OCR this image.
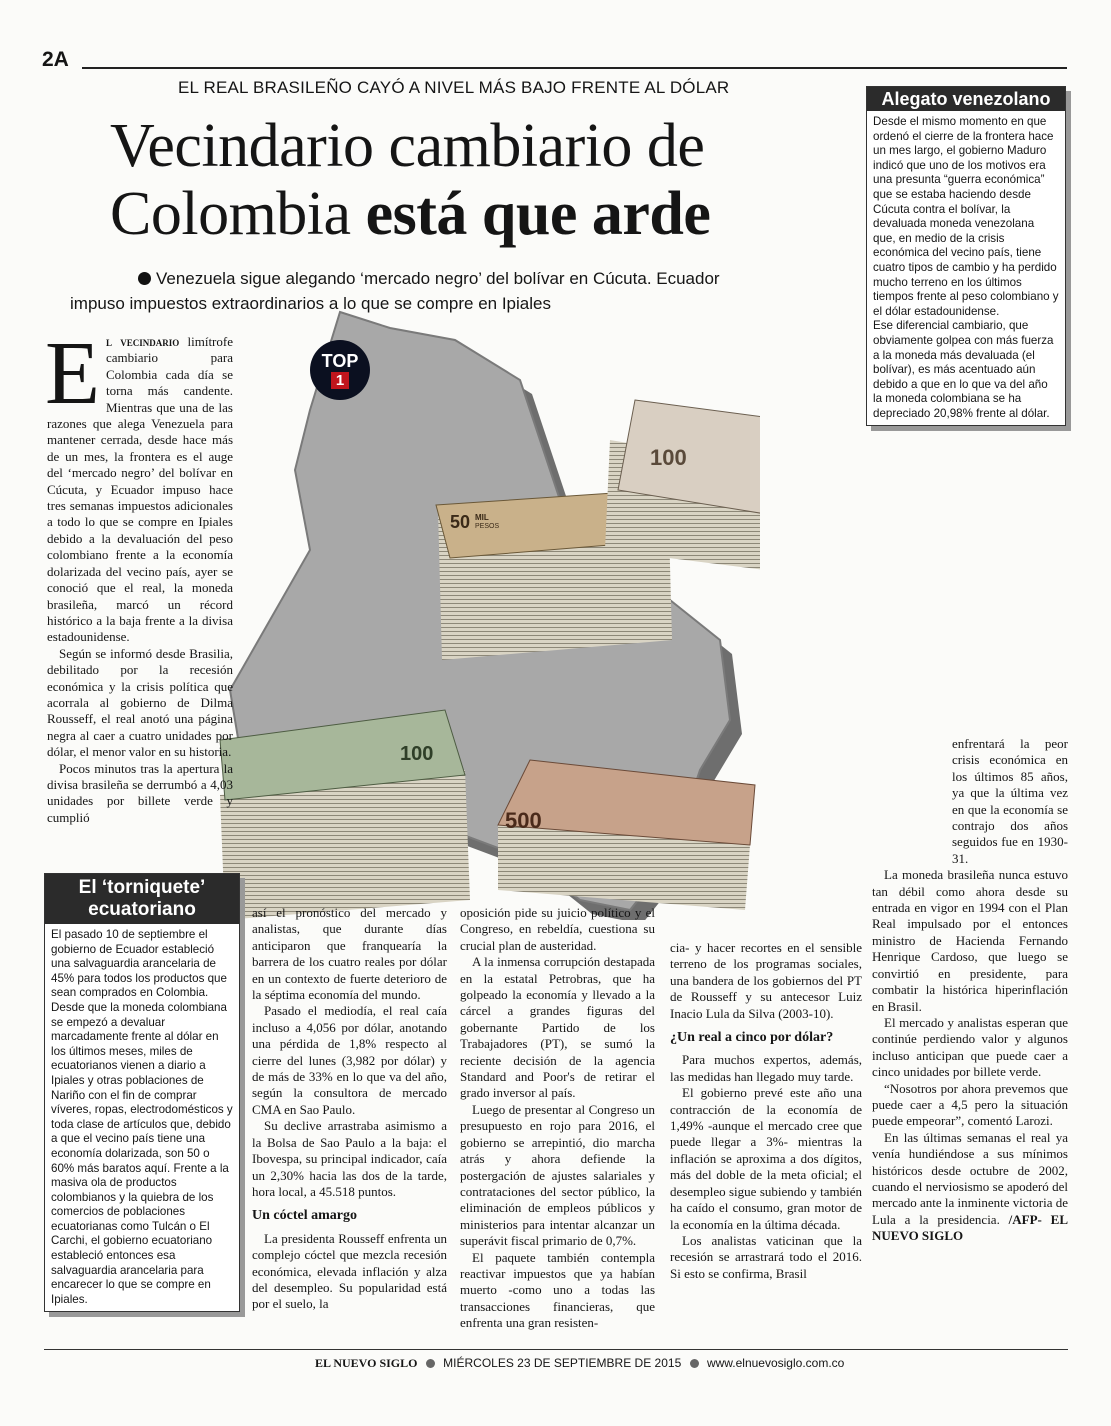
2A
EL REAL BRASILEÑO CAYÓ A NIVEL MÁS BAJO FRENTE AL DÓLAR
Vecindario cambiario de
Colombia está que arde
Venezuela sigue alegando ‘mercado negro’ del bolívar en Cúcuta. Ecuador
impuso impuestos extraordinarios a lo que se compre en Ipiales
50 MIL
PESOS
100
100
500
TOP
1

El vecindario limítrofe cambiario para Colombia cada día se torna más candente. Mientras que una de las razones que alega Venezuela para mantener cerrada, desde hace más de un mes, la frontera es el auge del ‘mercado negro’ del bolívar en Cúcuta, y Ecuador impuso hace tres semanas impuestos adicionales a todo lo que se compre en Ipiales debido a la devaluación del peso colombiano frente a la economía dolarizada del vecino país, ayer se conoció que el real, la moneda brasileña, marcó un récord histórico a la baja frente a la divisa estadounidense.

Según se informó desde Brasilia, debilitado por la recesión económica y la crisis política que acorrala al gobierno de Dilma Rousseff, el real anotó una página negra al caer a cuatro unidades por dólar, el menor valor en su historia.

Pocos minutos tras la apertura la divisa brasileña se derrumbó a 4,03 unidades por billete verde y cumplió

El ‘torniquete’
ecuatoriano
El pasado 10 de septiembre el gobierno de Ecuador estableció una salvaguardia arancelaria de 45% para todos los productos que sean comprados en Colombia.
Desde que la moneda colombiana se empezó a devaluar marcadamente frente al dólar en los últimos meses, miles de ecuatorianos vienen a diario a Ipiales y otras poblaciones de Nariño con el fin de comprar víveres, ropas, electrodomésticos y toda clase de artículos que, debido a que el vecino país tiene una economía dolarizada, son 50 o 60% más baratos aquí. Frente a la masiva ola de productos colombianos y la quiebra de los comercios de poblaciones ecuatorianas como Tulcán o El Carchi, el gobierno ecuatoriano estableció entonces esa salvaguardia arancelaria para encarecer lo que se compre en Ipiales.
Alegato venezolano
Desde el mismo momento en que ordenó el cierre de la frontera hace un mes largo, el gobierno Maduro indicó que uno de los motivos era una presunta “guerra económica” que se estaba haciendo desde Cúcuta contra el bolívar, la devaluada moneda venezolana que, en medio de la crisis económica del vecino país, tiene cuatro tipos de cambio y ha perdido mucho terreno en los últimos tiempos frente al peso colombiano y el dólar estadounidense.
Ese diferencial cambiario, que obviamente golpea con más fuerza a la moneda más devaluada (el bolívar), es más acentuado aún debido a que en lo que va del año la moneda colombiana se ha depreciado 20,98% frente al dólar.

así el pronóstico del mercado y analistas, que durante días anticiparon que franquearía la barrera de los cuatro reales por dólar en un contexto de fuerte deterioro de la séptima economía del mundo.

Pasado el mediodía, el real caía incluso a 4,056 por dólar, anotando una pérdida de 1,8% respecto al cierre del lunes (3,982 por dólar) y de más de 33% en lo que va del año, según la consultora de mercado CMA en Sao Paulo.

Su declive arrastraba asimismo a la Bolsa de Sao Paulo a la baja: el Ibovespa, su principal indicador, caía un 2,30% hacia las dos de la tarde, hora local, a 45.518 puntos.

Un cóctel amargo

La presidenta Rousseff enfrenta un complejo cóctel que mezcla recesión económica, elevada inflación y alza del desempleo. Su popularidad está por el suelo, la

oposición pide su juicio político y el Congreso, en rebeldía, cuestiona su crucial plan de austeridad.

A la inmensa corrupción destapada en la estatal Petrobras, que ha golpeado la economía y llevado a la cárcel a grandes figuras del gobernante Partido de los Trabajadores (PT), se sumó la reciente decisión de la agencia Standard and Poor's de retirar el grado inversor al país.

Luego de presentar al Congreso un presupuesto en rojo para 2016, el gobierno se arrepintió, dio marcha atrás y ahora defiende la postergación de ajustes salariales y contrataciones del sector público, la eliminación de empleos públicos y ministerios para intentar alcanzar un superávit fiscal primario de 0,7%.

El paquete también contempla reactivar impuestos que ya habían muerto -como uno a todas las transacciones financieras, que enfrenta una gran resisten-

cia- y hacer recortes en el sensible terreno de los programas sociales, una bandera de los gobiernos del PT de Rousseff y su antecesor Luiz Inacio Lula da Silva (2003-10).

¿Un real a cinco por dólar?

Para muchos expertos, además, las medidas han llegado muy tarde.

El gobierno prevé este año una contracción de la economía de 1,49% -aunque el mercado cree que puede llegar a 3%- mientras la inflación se aproxima a dos dígitos, más del doble de la meta oficial; el desempleo sigue subiendo y también ha caído el consumo, gran motor de la economía en la última década.

Los analistas vaticinan que la recesión se arrastrará todo el 2016. Si esto se confirma, Brasil

enfrentará la peor crisis económica en los últimos 85 años, ya que la última vez en que la economía se contrajo dos años seguidos fue en 1930-31.

La moneda brasileña nunca estuvo tan débil como ahora desde su entrada en vigor en 1994 con el Plan Real impulsado por el entonces ministro de Hacienda Fernando Henrique Cardoso, que luego se convirtió en presidente, para combatir la histórica hiperinflación en Brasil.

El mercado y analistas esperan que continúe perdiendo valor y algunos incluso anticipan que puede caer a cinco unidades por billete verde.

“Nosotros por ahora prevemos que puede caer a 4,5 pero la situación puede empeorar”, comentó Larozi.

En las últimas semanas el real ya venía hundiéndose a sus mínimos históricos desde octubre de 2002, cuando el nerviosismo se apoderó del mercado ante la inminente victoria de Lula a la presidencia. /AFP- EL NUEVO SIGLO

EL NUEVO SIGLO MIÉRCOLES 23 DE SEPTIEMBRE DE 2015 www.elnuevosiglo.com.co
